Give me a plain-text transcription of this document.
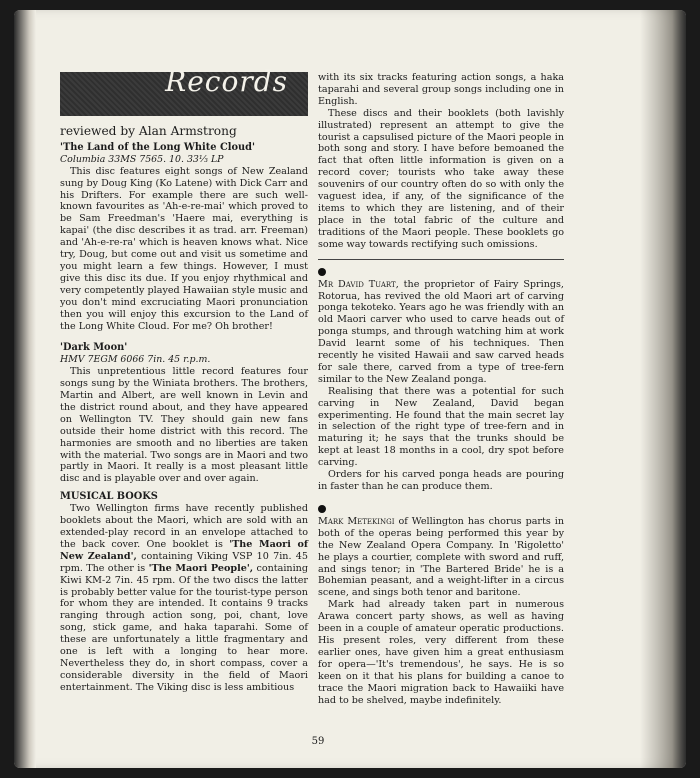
Records
reviewed by Alan Armstrong
'The Land of the Long White Cloud'
Columbia 33MS 7565. 10. 33⅓ LP

This disc features eight songs of New Zealand sung by Doug King (Ko Latene) with Dick Carr and his Drifters. For example there are such well-known favourites as 'Ah-e-re-mai' which proved to be Sam Freedman's 'Haere mai, everything is kapai' (the disc describes it as trad. arr. Freeman) and 'Ah-e-re-ra' which is heaven knows what. Nice try, Doug, but come out and visit us sometime and you might learn a few things. However, I must give this disc its due. If you enjoy rhythmical and very competently played Hawaiian style music and you don't mind excruciating Maori pronunciation then you will enjoy this excursion to the Land of the Long White Cloud. For me? Oh brother!

'Dark Moon'
HMV 7EGM 6066 7in. 45 r.p.m.

This unpretentious little record features four songs sung by the Winiata brothers. The brothers, Martin and Albert, are well known in Levin and the district round about, and they have appeared on Wellington TV. They should gain new fans outside their home district with this record. The harmonies are smooth and no liberties are taken with the material. Two songs are in Maori and two partly in Maori. It really is a most pleasant little disc and is playable over and over again.

MUSICAL BOOKS

Two Wellington firms have recently published booklets about the Maori, which are sold with an extended-play record in an envelope attached to the back cover. One booklet is 'The Maori of New Zealand', containing Viking VSP 10 7in. 45 rpm. The other is 'The Maori People', containing Kiwi KM-2 7in. 45 rpm. Of the two discs the latter is probably better value for the tourist-type person for whom they are intended. It contains 9 tracks ranging through action song, poi, chant, love song, stick game, and haka taparahi. Some of these are unfortunately a little fragmentary and one is left with a longing to hear more. Nevertheless they do, in short compass, cover a considerable diversity in the field of Maori entertainment. The Viking disc is less ambitious

with its six tracks featuring action songs, a haka taparahi and several group songs including one in English.

These discs and their booklets (both lavishly illustrated) represent an attempt to give the tourist a capsulised picture of the Maori people in both song and story. I have before bemoaned the fact that often little information is given on a record cover; tourists who take away these souvenirs of our country often do so with only the vaguest idea, if any, of the significance of the items to which they are listening, and of their place in the total fabric of the culture and traditions of the Maori people. These booklets go some way towards rectifying such omissions.

Mr David Tuart, the proprietor of Fairy Springs, Rotorua, has revived the old Maori art of carving ponga tekoteko. Years ago he was friendly with an old Maori carver who used to carve heads out of ponga stumps, and through watching him at work David learnt some of his techniques. Then recently he visited Hawaii and saw carved heads for sale there, carved from a type of tree-fern similar to the New Zealand ponga.

Realising that there was a potential for such carving in New Zealand, David began experimenting. He found that the main secret lay in selection of the right type of tree-fern and in maturing it; he says that the trunks should be kept at least 18 months in a cool, dry spot before carving.

Orders for his carved ponga heads are pouring in faster than he can produce them.

Mark Metekingi of Wellington has chorus parts in both of the operas being performed this year by the New Zealand Opera Company. In 'Rigoletto' he plays a courtier, complete with sword and ruff, and sings tenor; in 'The Bartered Bride' he is a Bohemian peasant, and a weight-lifter in a circus scene, and sings both tenor and baritone.

Mark had already taken part in numerous Arawa concert party shows, as well as having been in a couple of amateur operatic productions. His present roles, very different from these earlier ones, have given him a great enthusiasm for opera—'It's tremendous', he says. He is so keen on it that his plans for building a canoe to trace the Maori migration back to Hawaiiki have had to be shelved, maybe indefinitely.

59
